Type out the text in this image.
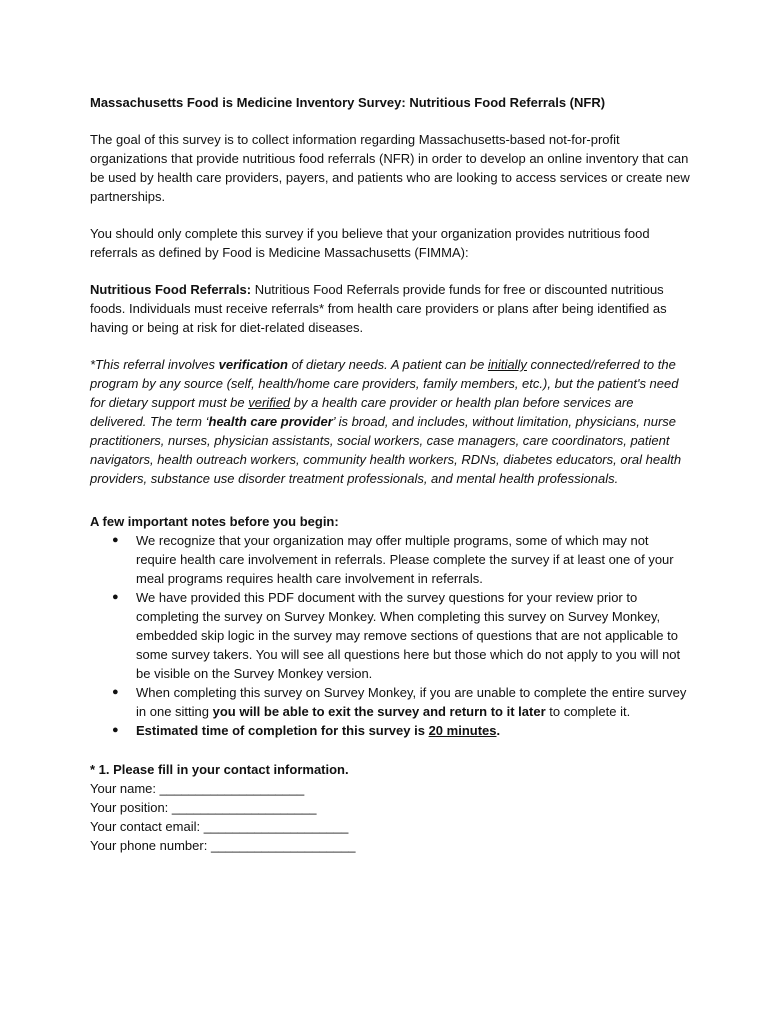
Massachusetts Food is Medicine Inventory Survey: Nutritious Food Referrals (NFR)

The goal of this survey is to collect information regarding Massachusetts-based not-for-profit organizations that provide nutritious food referrals (NFR) in order to develop an online inventory that can be used by health care providers, payers, and patients who are looking to access services or create new partnerships.

You should only complete this survey if you believe that your organization provides nutritious food referrals as defined by Food is Medicine Massachusetts (FIMMA):

Nutritious Food Referrals: Nutritious Food Referrals provide funds for free or discounted nutritious foods. Individuals must receive referrals* from health care providers or plans after being identified as having or being at risk for diet-related diseases.

*This referral involves verification of dietary needs. A patient can be initially connected/referred to the program by any source (self, health/home care providers, family members, etc.), but the patient's need for dietary support must be verified by a health care provider or health plan before services are delivered. The term ‘health care provider’ is broad, and includes, without limitation, physicians, nurse practitioners, nurses, physician assistants, social workers, case managers, care coordinators, patient navigators, health outreach workers, community health workers, RDNs, diabetes educators, oral health providers, substance use disorder treatment professionals, and mental health professionals.

A few important notes before you begin:

● We recognize that your organization may offer multiple programs, some of which may not require health care involvement in referrals. Please complete the survey if at least one of your meal programs requires health care involvement in referrals.
● We have provided this PDF document with the survey questions for your review prior to completing the survey on Survey Monkey. When completing this survey on Survey Monkey, embedded skip logic in the survey may remove sections of questions that are not applicable to some survey takers. You will see all questions here but those which do not apply to you will not be visible on the Survey Monkey version.
● When completing this survey on Survey Monkey, if you are unable to complete the entire survey in one sitting you will be able to exit the survey and return to it later to complete it.
● Estimated time of completion for this survey is 20 minutes.

* 1. Please fill in your contact information.

Your name: ____________________

Your position: ____________________

Your contact email: ____________________

Your phone number: ____________________
